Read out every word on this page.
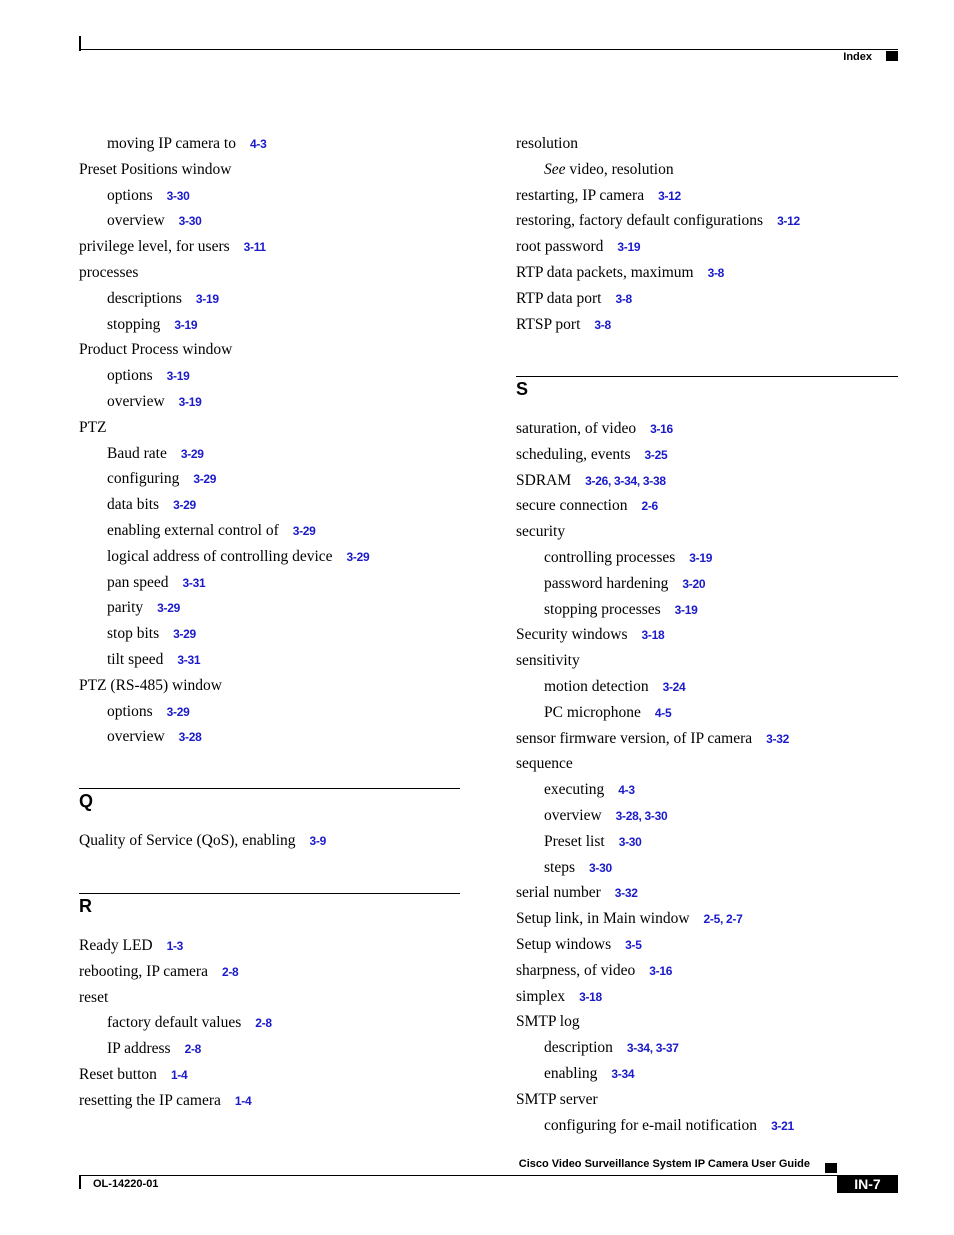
Index
moving IP camera to 4-3
Preset Positions window
options 3-30
overview 3-30
privilege level, for users 3-11
processes
descriptions 3-19
stopping 3-19
Product Process window
options 3-19
overview 3-19
PTZ
Baud rate 3-29
configuring 3-29
data bits 3-29
enabling external control of 3-29
logical address of controlling device 3-29
pan speed 3-31
parity 3-29
stop bits 3-29
tilt speed 3-31
PTZ (RS-485) window
options 3-29
overview 3-28
Q
Quality of Service (QoS), enabling 3-9
R
Ready LED 1-3
rebooting, IP camera 2-8
reset
factory default values 2-8
IP address 2-8
Reset button 1-4
resetting the IP camera 1-4
resolution
See video, resolution
restarting, IP camera 3-12
restoring, factory default configurations 3-12
root password 3-19
RTP data packets, maximum 3-8
RTP data port 3-8
RTSP port 3-8
S
saturation, of video 3-16
scheduling, events 3-25
SDRAM 3-26, 3-34, 3-38
secure connection 2-6
security
controlling processes 3-19
password hardening 3-20
stopping processes 3-19
Security windows 3-18
sensitivity
motion detection 3-24
PC microphone 4-5
sensor firmware version, of IP camera 3-32
sequence
executing 4-3
overview 3-28, 3-30
Preset list 3-30
steps 3-30
serial number 3-32
Setup link, in Main window 2-5, 2-7
Setup windows 3-5
sharpness, of video 3-16
simplex 3-18
SMTP log
description 3-34, 3-37
enabling 3-34
SMTP server
configuring for e-mail notification 3-21
Cisco Video Surveillance System IP Camera User Guide
OL-14220-01	IN-7
